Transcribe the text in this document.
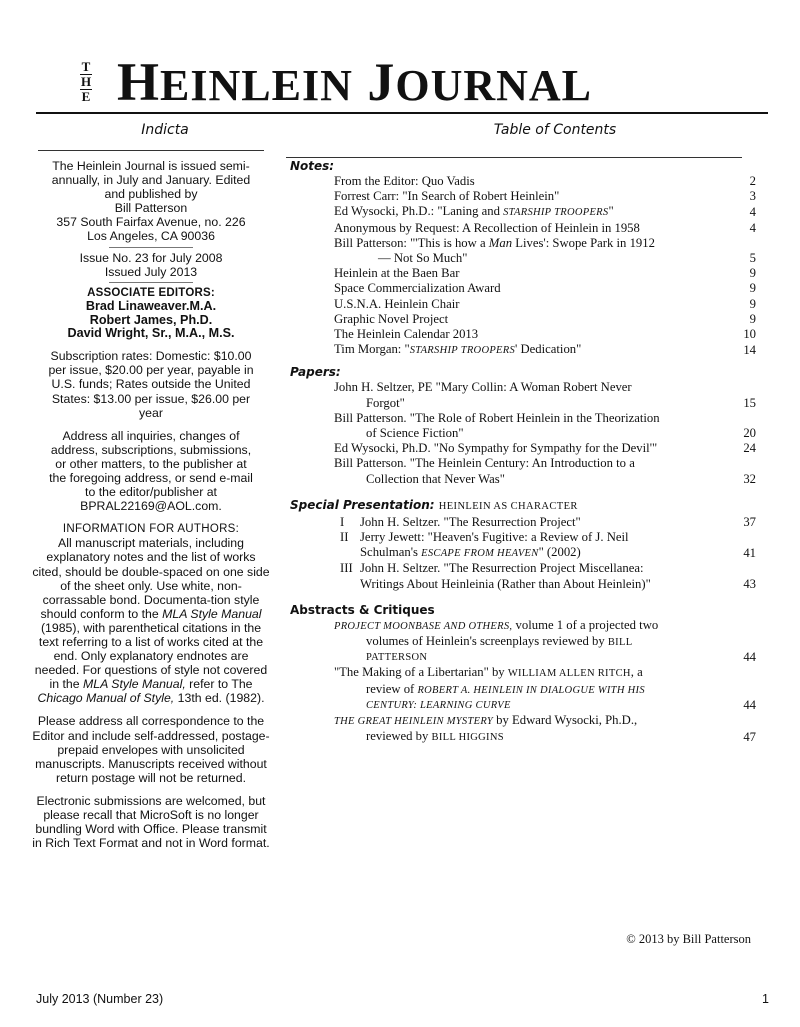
T
H
E HEINLEIN JOURNAL
Indicta	Table of Contents
The Heinlein Journal is issued semi-
annually, in July and January. Edited
and published by
Bill Patterson
357 South Fairfax Avenue, no. 226
Los Angeles, CA 90036
Issue No. 23 for July 2008
Issued July 2013
ASSOCIATE EDITORS:
Brad Linaweaver.M.A.
Robert James, Ph.D.
David Wright, Sr., M.A., M.S.

Subscription rates: Domestic: $10.00
per issue, $20.00 per year, payable in
U.S. funds; Rates outside the United
States: $13.00 per issue, $26.00 per
year

Address all inquiries, changes of
address, subscriptions, submissions,
or other matters, to the publisher at
the foregoing address, or send e-mail
to the editor/publisher at
BPRAL22169@AOL.com.

INFORMATION FOR AUTHORS:
All manuscript materials, including explanatory notes and the list of works cited, should be double-spaced on one side of the sheet only. Use white, non-corrassable bond. Documenta-tion style should conform to the MLA Style Manual (1985), with parenthetical citations in the text referring to a list of works cited at the end. Only explanatory endnotes are needed. For questions of style not covered in the MLA Style Manual, refer to The Chicago Manual of Style, 13th ed. (1982).

Please address all correspondence to the Editor and include self-addressed, postage-prepaid envelopes with unsolicited manuscripts. Manuscripts received without return postage will not be returned.

Electronic submissions are welcomed, but please recall that MicroSoft is no longer bundling Word with Office. Please transmit in Rich Text Format and not in Word format.

Notes:
From the Editor: Quo Vadis	2
Forrest Carr: "In Search of Robert Heinlein"	3
Ed Wysocki, Ph.D.: "Laning and STARSHIP TROOPERS"	4
Anonymous by Request: A Recollection of Heinlein in 1958	4
Bill Patterson: "'This is how a Man Lives': Swope Park in 1912
— Not So Much"	5
Heinlein at the Baen Bar	9
Space Commercialization Award	9
U.S.N.A. Heinlein Chair	9
Graphic Novel Project	9
The Heinlein Calendar 2013	10
Tim Morgan: "STARSHIP TROOPERS' Dedication"	14
Papers:
John H. Seltzer, PE "Mary Collin: A Woman Robert Never
Forgot"	15
Bill Patterson. "The Role of Robert Heinlein in the Theorization
of Science Fiction"	20
Ed Wysocki, Ph.D. "No Sympathy for Sympathy for the Devil'"	24
Bill Patterson. "The Heinlein Century: An Introduction to a
Collection that Never Was"	32
Special Presentation: HEINLEIN AS CHARACTER
I John H. Seltzer. "The Resurrection Project"	37
II Jerry Jewett: "Heaven's Fugitive: a Review of J. Neil
Schulman's ESCAPE FROM HEAVEN" (2002)	41
III John H. Seltzer. "The Resurrection Project Miscellanea:
Writings About Heinleinia (Rather than About Heinlein)"	43
Abstracts & Critiques
PROJECT MOONBASE AND OTHERS, volume 1 of a projected two
volumes of Heinlein's screenplays reviewed by BILL
PATTERSON	44
"The Making of a Libertarian" by WILLIAM ALLEN RITCH, a
review of ROBERT A. HEINLEIN IN DIALOGUE WITH HIS
CENTURY: LEARNING CURVE	44
THE GREAT HEINLEIN MYSTERY by Edward Wysocki, Ph.D.,
reviewed by BILL HIGGINS	47
© 2013 by Bill Patterson
July 2013 (Number 23)	1
